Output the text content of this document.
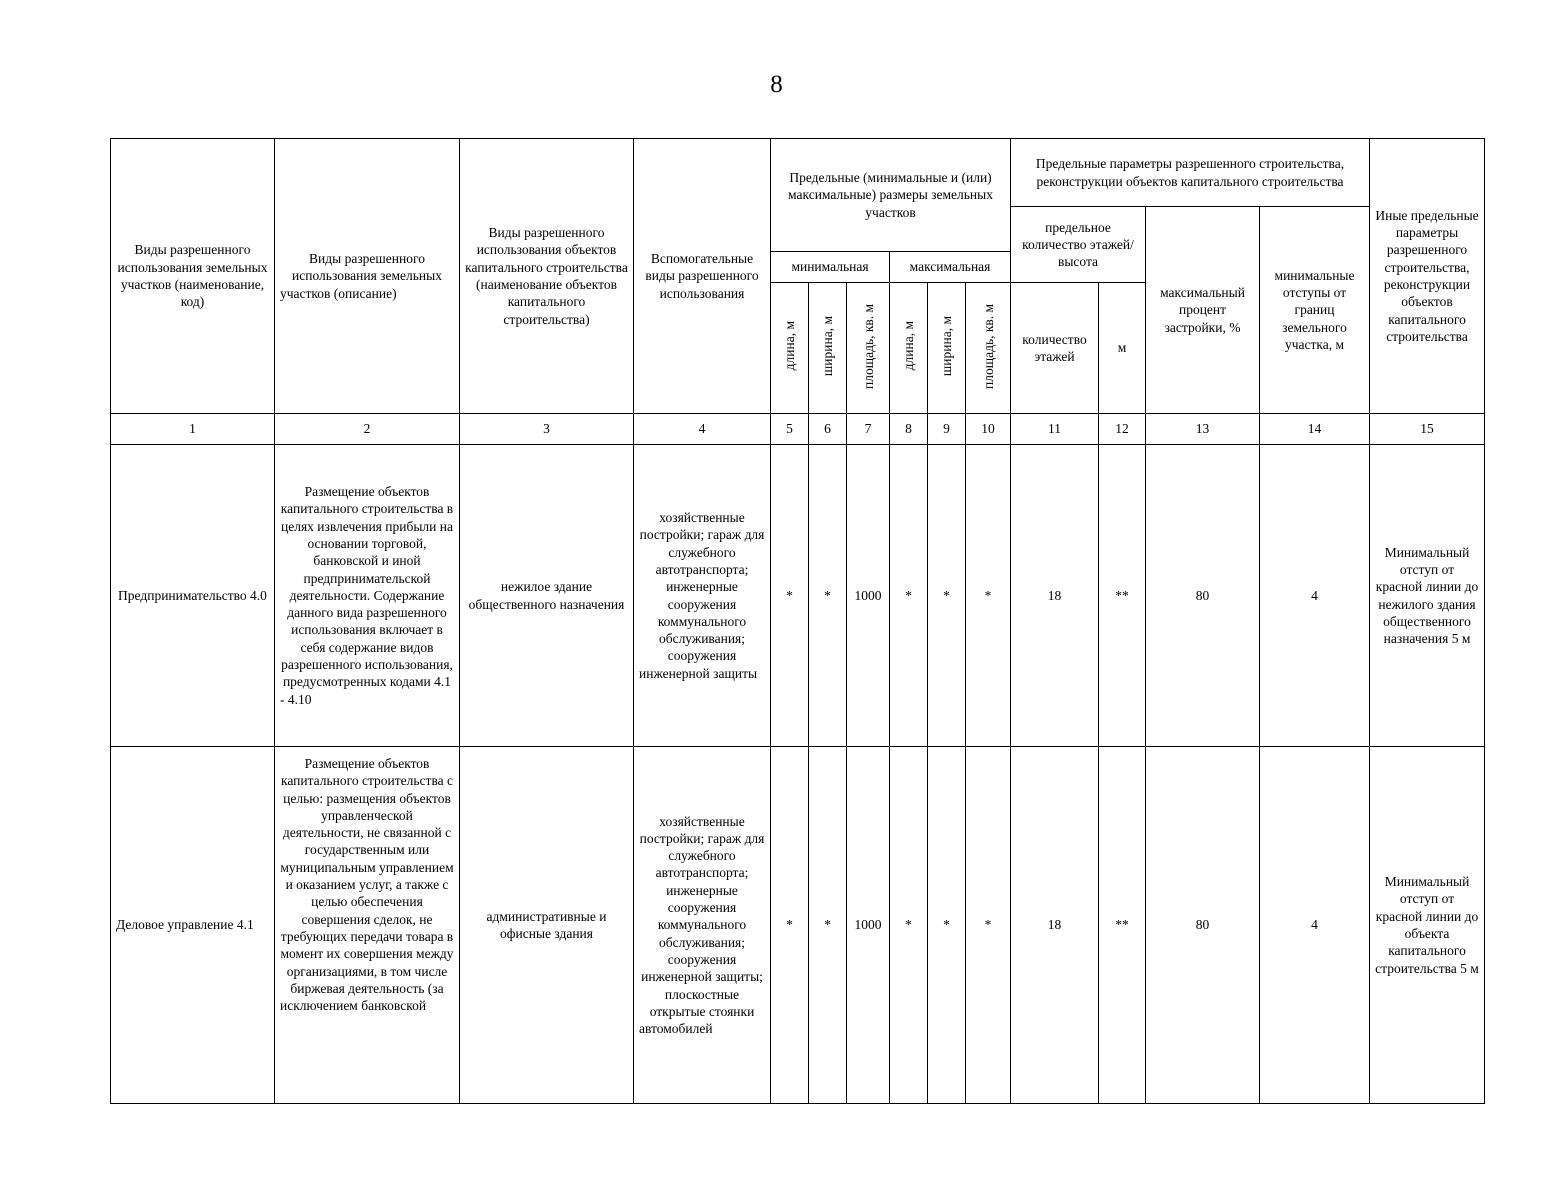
8
Виды разрешенного использования земельных участков (наименование, код)	Виды разрешенного использования земельных участков (описание)	Виды разрешенного использования объектов капитального строительства (наименование объектов капитального строительства)	Вспомогательные виды разрешенного использования	Предельные (минимальные и (или) максимальные) размеры земельных участков						Предельные параметры разрешенного строительства, реконструкции объектов капитального строительства				Иные предельные параметры разрешенного строительства, реконструкции объектов капитального строительства
										предельное количество этажей/высота		максимальный процент застройки, %	минимальные отступы от границ земельного участка, м	
				минимальная			максимальная							
				длина, м	ширина, м	площадь, кв. м	длина, м	ширина, м	площадь, кв. м	количество этажей	м			
1	2	3	4	5	6	7	8	9	10	11	12	13	14	15
Предпринимательство 4.0	Размещение объектов капитального строительства в целях извлечения прибыли на основании торговой, банковской и иной предпринимательской деятельности. Содержание данного вида разрешенного использования включает в себя содержание видов разрешенного использования, предусмотренных кодами 4.1 - 4.10	нежилое здание общественного назначения	хозяйственные постройки; гараж для служебного автотранспорта; инженерные сооружения коммунального обслуживания; сооружения инженерной защиты	*	*	1000	*	*	*	18	**	80	4	Минимальный отступ от красной линии до нежилого здания общественного назначения 5 м
Деловое управление 4.1	Размещение объектов капитального строительства с целью: размещения объектов управленческой деятельности, не связанной с государственным или муниципальным управлением и оказанием услуг, а также с целью обеспечения совершения сделок, не требующих передачи товара в момент их совершения между организациями, в том числе биржевая деятельность (за исключением банковской	административные и офисные здания	хозяйственные постройки; гараж для служебного автотранспорта; инженерные сооружения коммунального обслуживания; сооружения инженерной защиты; плоскостные открытые стоянки автомобилей	*	*	1000	*	*	*	18	**	80	4	Минимальный отступ от красной линии до объекта капитального строительства 5 м
